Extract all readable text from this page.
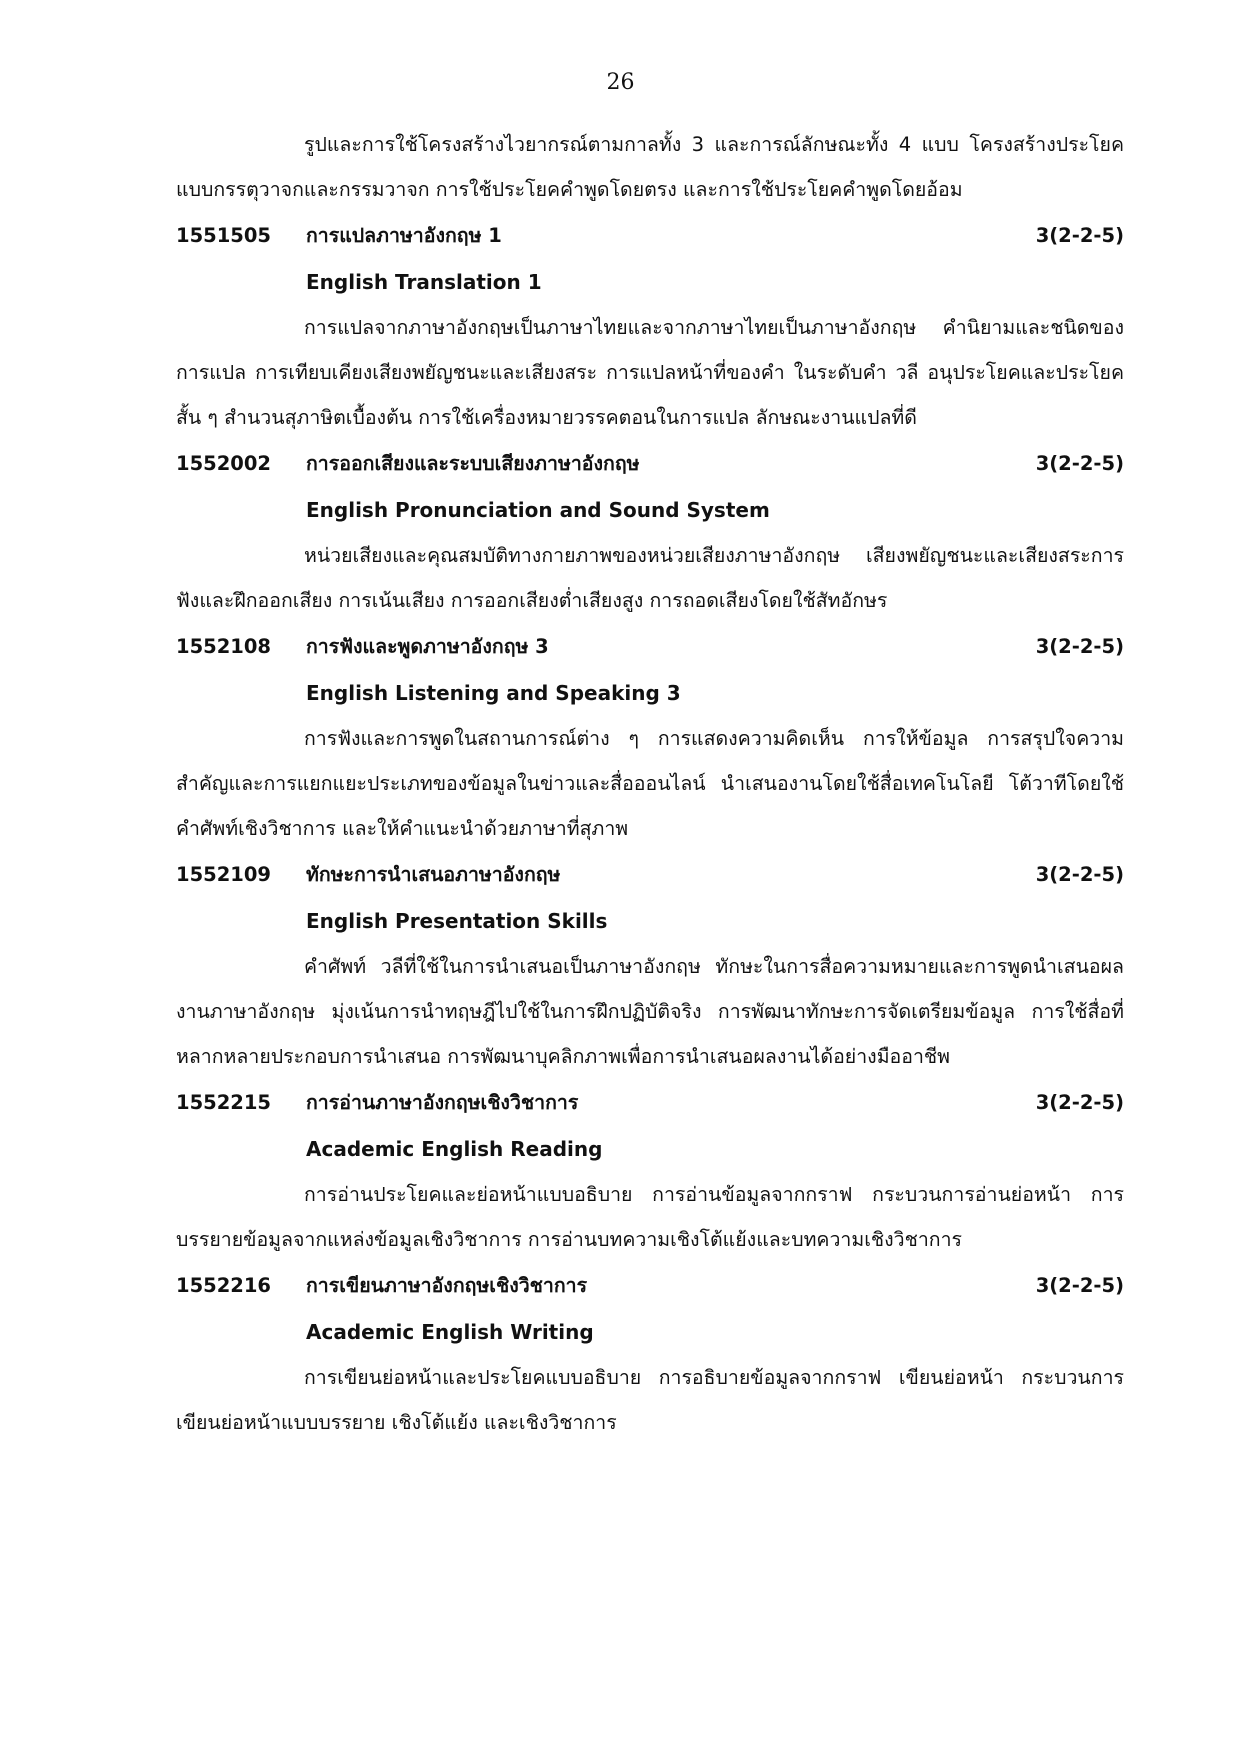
26

รูปและการใช้โครงสร้างไวยากรณ์ตามกาลทั้ง 3 และการณ์ลักษณะทั้ง 4 แบบ โครงสร้างประโยคแบบกรรตุวาจกและกรรมวาจก การใช้ประโยคคำพูดโดยตรง และการใช้ประโยคคำพูดโดยอ้อม

1551505	การแปลภาษาอังกฤษ 1	3(2-2-5)
English Translation 1

การแปลจากภาษาอังกฤษเป็นภาษาไทยและจากภาษาไทยเป็นภาษาอังกฤษ คำนิยามและชนิดของการแปล การเทียบเคียงเสียงพยัญชนะและเสียงสระ การแปลหน้าที่ของคำ ในระดับคำ วลี อนุประโยคและประโยคสั้น ๆ สำนวนสุภาษิตเบื้องต้น การใช้เครื่องหมายวรรคตอนในการแปล ลักษณะงานแปลที่ดี

1552002	การออกเสียงและระบบเสียงภาษาอังกฤษ	3(2-2-5)
English Pronunciation and Sound System

หน่วยเสียงและคุณสมบัติทางกายภาพของหน่วยเสียงภาษาอังกฤษ เสียงพยัญชนะและเสียงสระการฟังและฝึกออกเสียง การเน้นเสียง การออกเสียงต่ำเสียงสูง การถอดเสียงโดยใช้สัทอักษร

1552108	การฟังและพูดภาษาอังกฤษ 3	3(2-2-5)
English Listening and Speaking 3

การฟังและการพูดในสถานการณ์ต่าง ๆ การแสดงความคิดเห็น การให้ข้อมูล การสรุปใจความสำคัญและการแยกแยะประเภทของข้อมูลในข่าวและสื่อออนไลน์ นำเสนองานโดยใช้สื่อเทคโนโลยี โต้วาทีโดยใช้คำศัพท์เชิงวิชาการ และให้คำแนะนำด้วยภาษาที่สุภาพ

1552109	ทักษะการนำเสนอภาษาอังกฤษ	3(2-2-5)
English Presentation Skills

คำศัพท์ วลีที่ใช้ในการนำเสนอเป็นภาษาอังกฤษ ทักษะในการสื่อความหมายและการพูดนำเสนอผลงานภาษาอังกฤษ มุ่งเน้นการนำทฤษฎีไปใช้ในการฝึกปฏิบัติจริง การพัฒนาทักษะการจัดเตรียมข้อมูล การใช้สื่อที่หลากหลายประกอบการนำเสนอ การพัฒนาบุคลิกภาพเพื่อการนำเสนอผลงานได้อย่างมืออาชีพ

1552215	การอ่านภาษาอังกฤษเชิงวิชาการ	3(2-2-5)
Academic English Reading

การอ่านประโยคและย่อหน้าแบบอธิบาย การอ่านข้อมูลจากกราฟ กระบวนการอ่านย่อหน้า การบรรยายข้อมูลจากแหล่งข้อมูลเชิงวิชาการ การอ่านบทความเชิงโต้แย้งและบทความเชิงวิชาการ

1552216	การเขียนภาษาอังกฤษเชิงวิชาการ	3(2-2-5)
Academic English Writing

การเขียนย่อหน้าและประโยคแบบอธิบาย การอธิบายข้อมูลจากกราฟ เขียนย่อหน้า กระบวนการเขียนย่อหน้าแบบบรรยาย เชิงโต้แย้ง และเชิงวิชาการ
